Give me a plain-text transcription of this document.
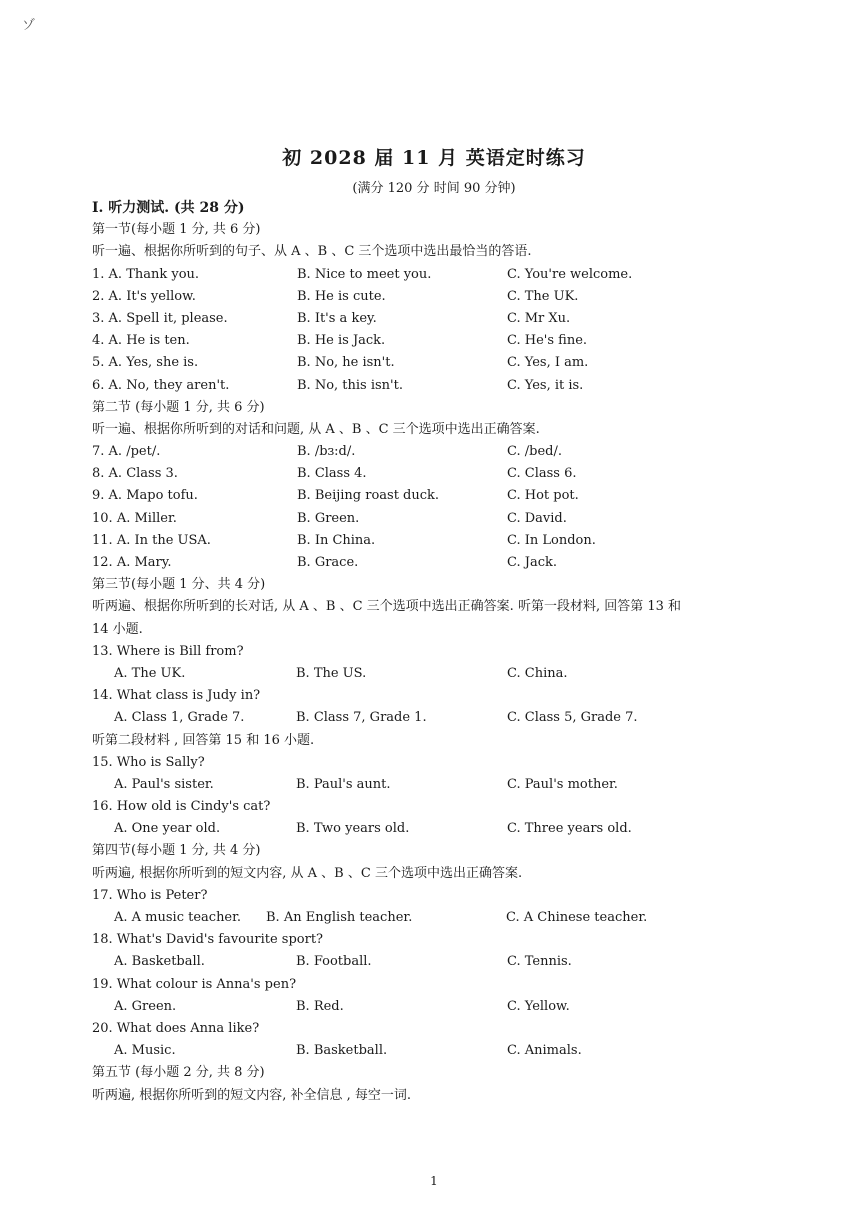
ゾ
初 2028 届 11 月 英语定时练习
(满分 120 分 时间 90 分钟)
I. 听力测试. (共 28 分)
第一节(每小题 1 分, 共 6 分)
听一遍、根据你所听到的句子、从 A 、B 、C 三个选项中选出最恰当的答语.
1. A. Thank you.	B. Nice to meet you.	C. You're welcome.
2. A. It's yellow.	B. He is cute.	C. The UK.
3. A. Spell it, please.	B. It's a key.	C. Mr Xu.
4. A. He is ten.	B. He is Jack.	C. He's fine.
5. A. Yes, she is.	B. No, he isn't.	C. Yes, I am.
6. A. No, they aren't.	B. No, this isn't.	C. Yes, it is.
第二节 (每小题 1 分, 共 6 分)
听一遍、根据你所听到的对话和问题, 从 A 、B 、C 三个选项中选出正确答案.
7. A. /pet/.	B. /bɜ:d/.	C. /bed/.
8. A. Class 3.	B. Class 4.	C. Class 6.
9. A. Mapo tofu.	B. Beijing roast duck.	C. Hot pot.
10. A. Miller.	B. Green.	C. David.
11. A. In the USA.	B. In China.	C. In London.
12. A. Mary.	B. Grace.	C. Jack.
第三节(每小题 1 分、共 4 分)
听两遍、根据你所听到的长对话, 从 A 、B 、C 三个选项中选出正确答案. 听第一段材料, 回答第 13 和
14 小题.
13. Where is Bill from?
A. The UK.	B. The US.	C. China.
14. What class is Judy in?
A. Class 1, Grade 7.	B. Class 7, Grade 1.	C. Class 5, Grade 7.
听第二段材料 , 回答第 15 和 16 小题.
15. Who is Sally?
A. Paul's sister.	B. Paul's aunt.	C. Paul's mother.
16. How old is Cindy's cat?
A. One year old.	B. Two years old.	C. Three years old.
第四节(每小题 1 分, 共 4 分)
听两遍, 根据你所听到的短文内容, 从 A 、B 、C 三个选项中选出正确答案.
17. Who is Peter?
A. A music teacher. B. An English teacher.	C. A Chinese teacher.
18. What's David's favourite sport?
A. Basketball.	B. Football.	C. Tennis.
19. What colour is Anna's pen?
A. Green.	B. Red.	C. Yellow.
20. What does Anna like?
A. Music.	B. Basketball.	C. Animals.
第五节 (每小题 2 分, 共 8 分)
听两遍, 根据你所听到的短文内容, 补全信息 , 每空一词.
1
